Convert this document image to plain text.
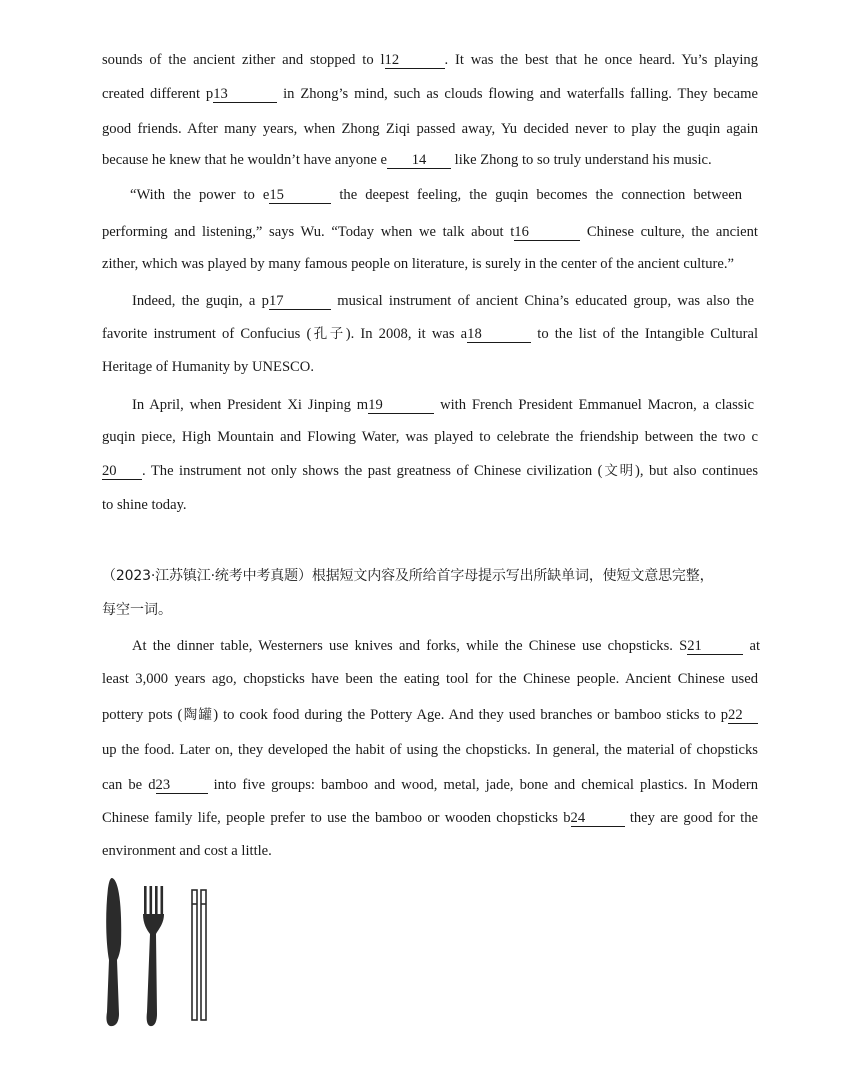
sounds of the ancient zither and stopped to l12	. It was the best that he once heard. Yu’s playing
created different p13	in Zhong’s mind, such as clouds flowing and waterfalls falling. They became
good friends. After many years, when Zhong Ziqi passed away, Yu decided never to play the guqin again
because he knew that he wouldn’t have anyone e 14 like Zhong to so truly understand his music.
“With the power to e15	the deepest feeling, the guqin becomes the connection between
performing and listening,” says Wu. “Today when we talk about t16	Chinese culture, the ancient
zither, which was played by many famous people on literature, is surely in the center of the ancient culture.”
Indeed, the guqin, a p17	musical instrument of ancient China’s educated group, was also the
favorite instrument of Confucius (孔子). In 2008, it was a18	to the list of the Intangible Cultural
Heritage of Humanity by UNESCO.
In April, when President Xi Jinping m19	with French President Emmanuel Macron, a classic
guqin piece, High Mountain and Flowing Water, was played to celebrate the friendship between the two c
20 . The instrument not only shows the past greatness of Chinese civilization (文明), but also continues
to shine today.
（2023·江苏镇江·统考中考真题）根据短文内容及所给首字母提示写出所缺单词，使短文意思完整，
每空一词。
At the dinner table, Westerners use knives and forks, while the Chinese use chopsticks. S21	at
least 3,000 years ago, chopsticks have been the eating tool for the Chinese people. Ancient Chinese used
pottery pots (陶罐) to cook food during the Pottery Age. And they used branches or bamboo sticks to p22
up the food. Later on, they developed the habit of using the chopsticks. In general, the material of chopsticks
can be d23	into five groups: bamboo and wood, metal, jade, bone and chemical plastics. In Modern
Chinese family life, people prefer to use the bamboo or wooden chopsticks b24	they are good for the
environment and cost a little.
